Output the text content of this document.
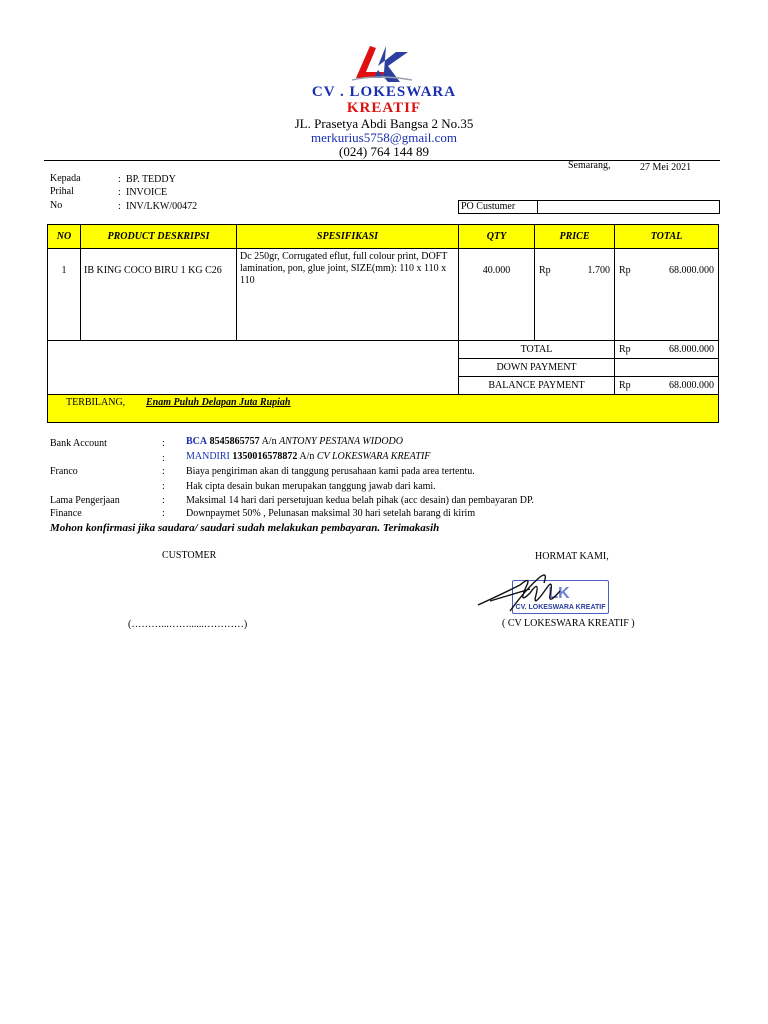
CV . LOKESWARA
KREATIF
JL. Prasetya Abdi Bangsa 2 No.35
merkurius5758@gmail.com
(024) 764 144 89
Semarang,	27 Mei 2021
Kepada	: BP. TEDDY
Prihal	: INVOICE
No	: INV/LKW/00472	PO Custumer
NO	PRODUCT DESKRIPSI	SPESIFIKASI	QTY	PRICE	TOTAL
1	IB KING COCO BIRU 1 KG C26	Dc 250gr, Corrugated eflut, full colour print, DOFT lamination, pon, glue joint, SIZE(mm): 110 x 110 x 110	40.000	Rp 1.700	Rp 68.000.000

			TOTAL		Rp 68.000.000

			DOWN PAYMENT		
			BALANCE PAYMENT		Rp 68.000.000

TERBILANG, Enam Puluh Delapan Juta Rupiah					
Bank Account	: BCA 8545865757 A/n ANTONY PESTANA WIDODO
: MANDIRI 1350016578872 A/n CV LOKESWARA KREATIF
Franco	: Biaya pengiriman akan di tanggung perusahaan kami pada area tertentu.
: Hak cipta desain bukan merupakan tanggung jawab dari kami.
Lama Pengerjaan	: Maksimal 14 hari dari persetujuan kedua belah pihak (acc desain) dan pembayaran DP.
Finance	: Downpaymet 50% , Pelunasan maksimal 30 hari setelah barang di kirim
Mohon konfirmasi jika saudara/ saudari sudah melakukan pembayaran. Terimakasih
CUSTOMER
(………...……......…………)
HORMAT KAMI,
LK
CV. LOKESWARA KREATIF
( CV LOKESWARA KREATIF )
